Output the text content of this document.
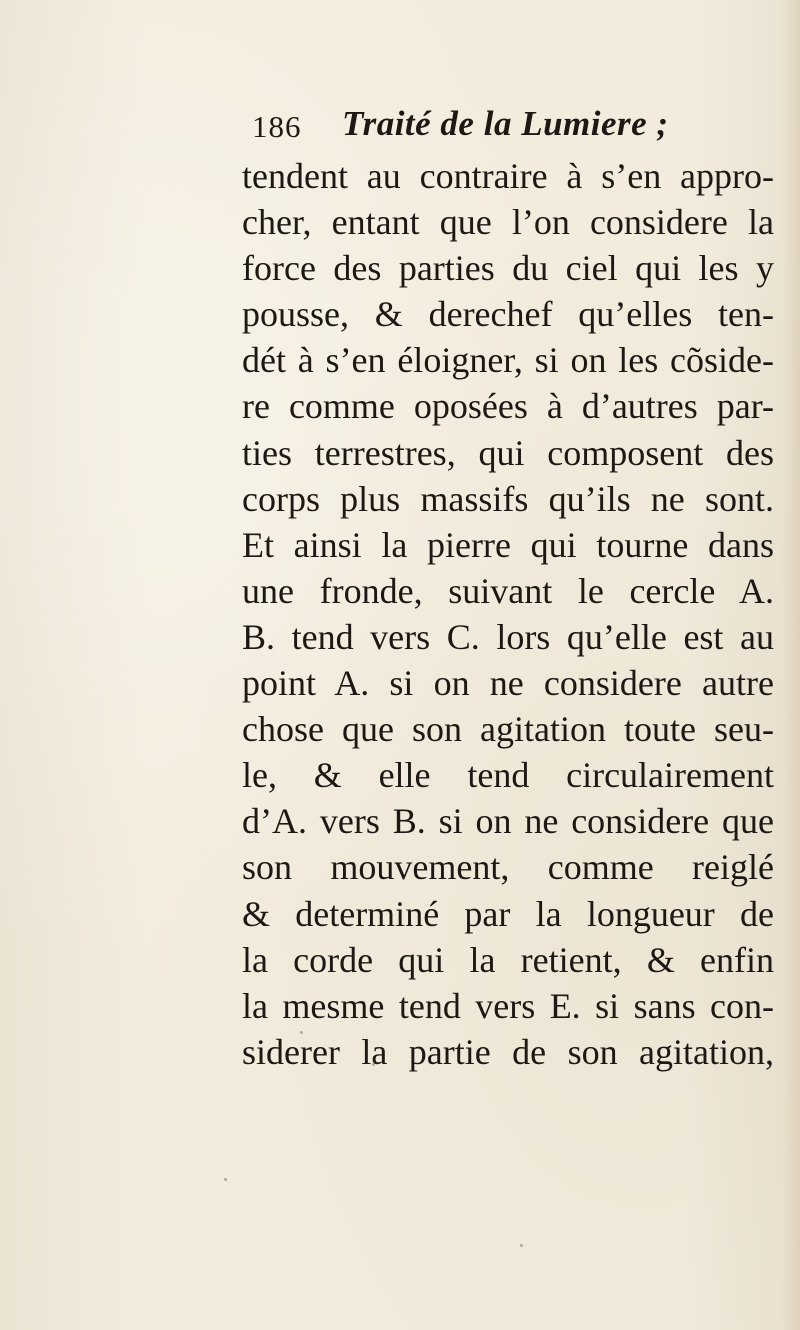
186 Traité de la Lumiere ;
tendent au contraire à s’en appro-
cher, entant que l’on considere la
force des parties du ciel qui les y
pousse, & derechef qu’elles ten-
dét à s’en éloigner, si on les cõside-
re comme oposées à d’autres par-
ties terrestres, qui composent des
corps plus massifs qu’ils ne sont.
Et ainsi la pierre qui tourne dans
une fronde, suivant le cercle A.
B. tend vers C. lors qu’elle est au
point A. si on ne considere autre
chose que son agitation toute seu-
le, & elle tend circulairement
d’A. vers B. si on ne considere que
son mouvement, comme reiglé
& determiné par la longueur de
la corde qui la retient, & enfin
la mesme tend vers E. si sans con-
siderer la partie de son agitation,
